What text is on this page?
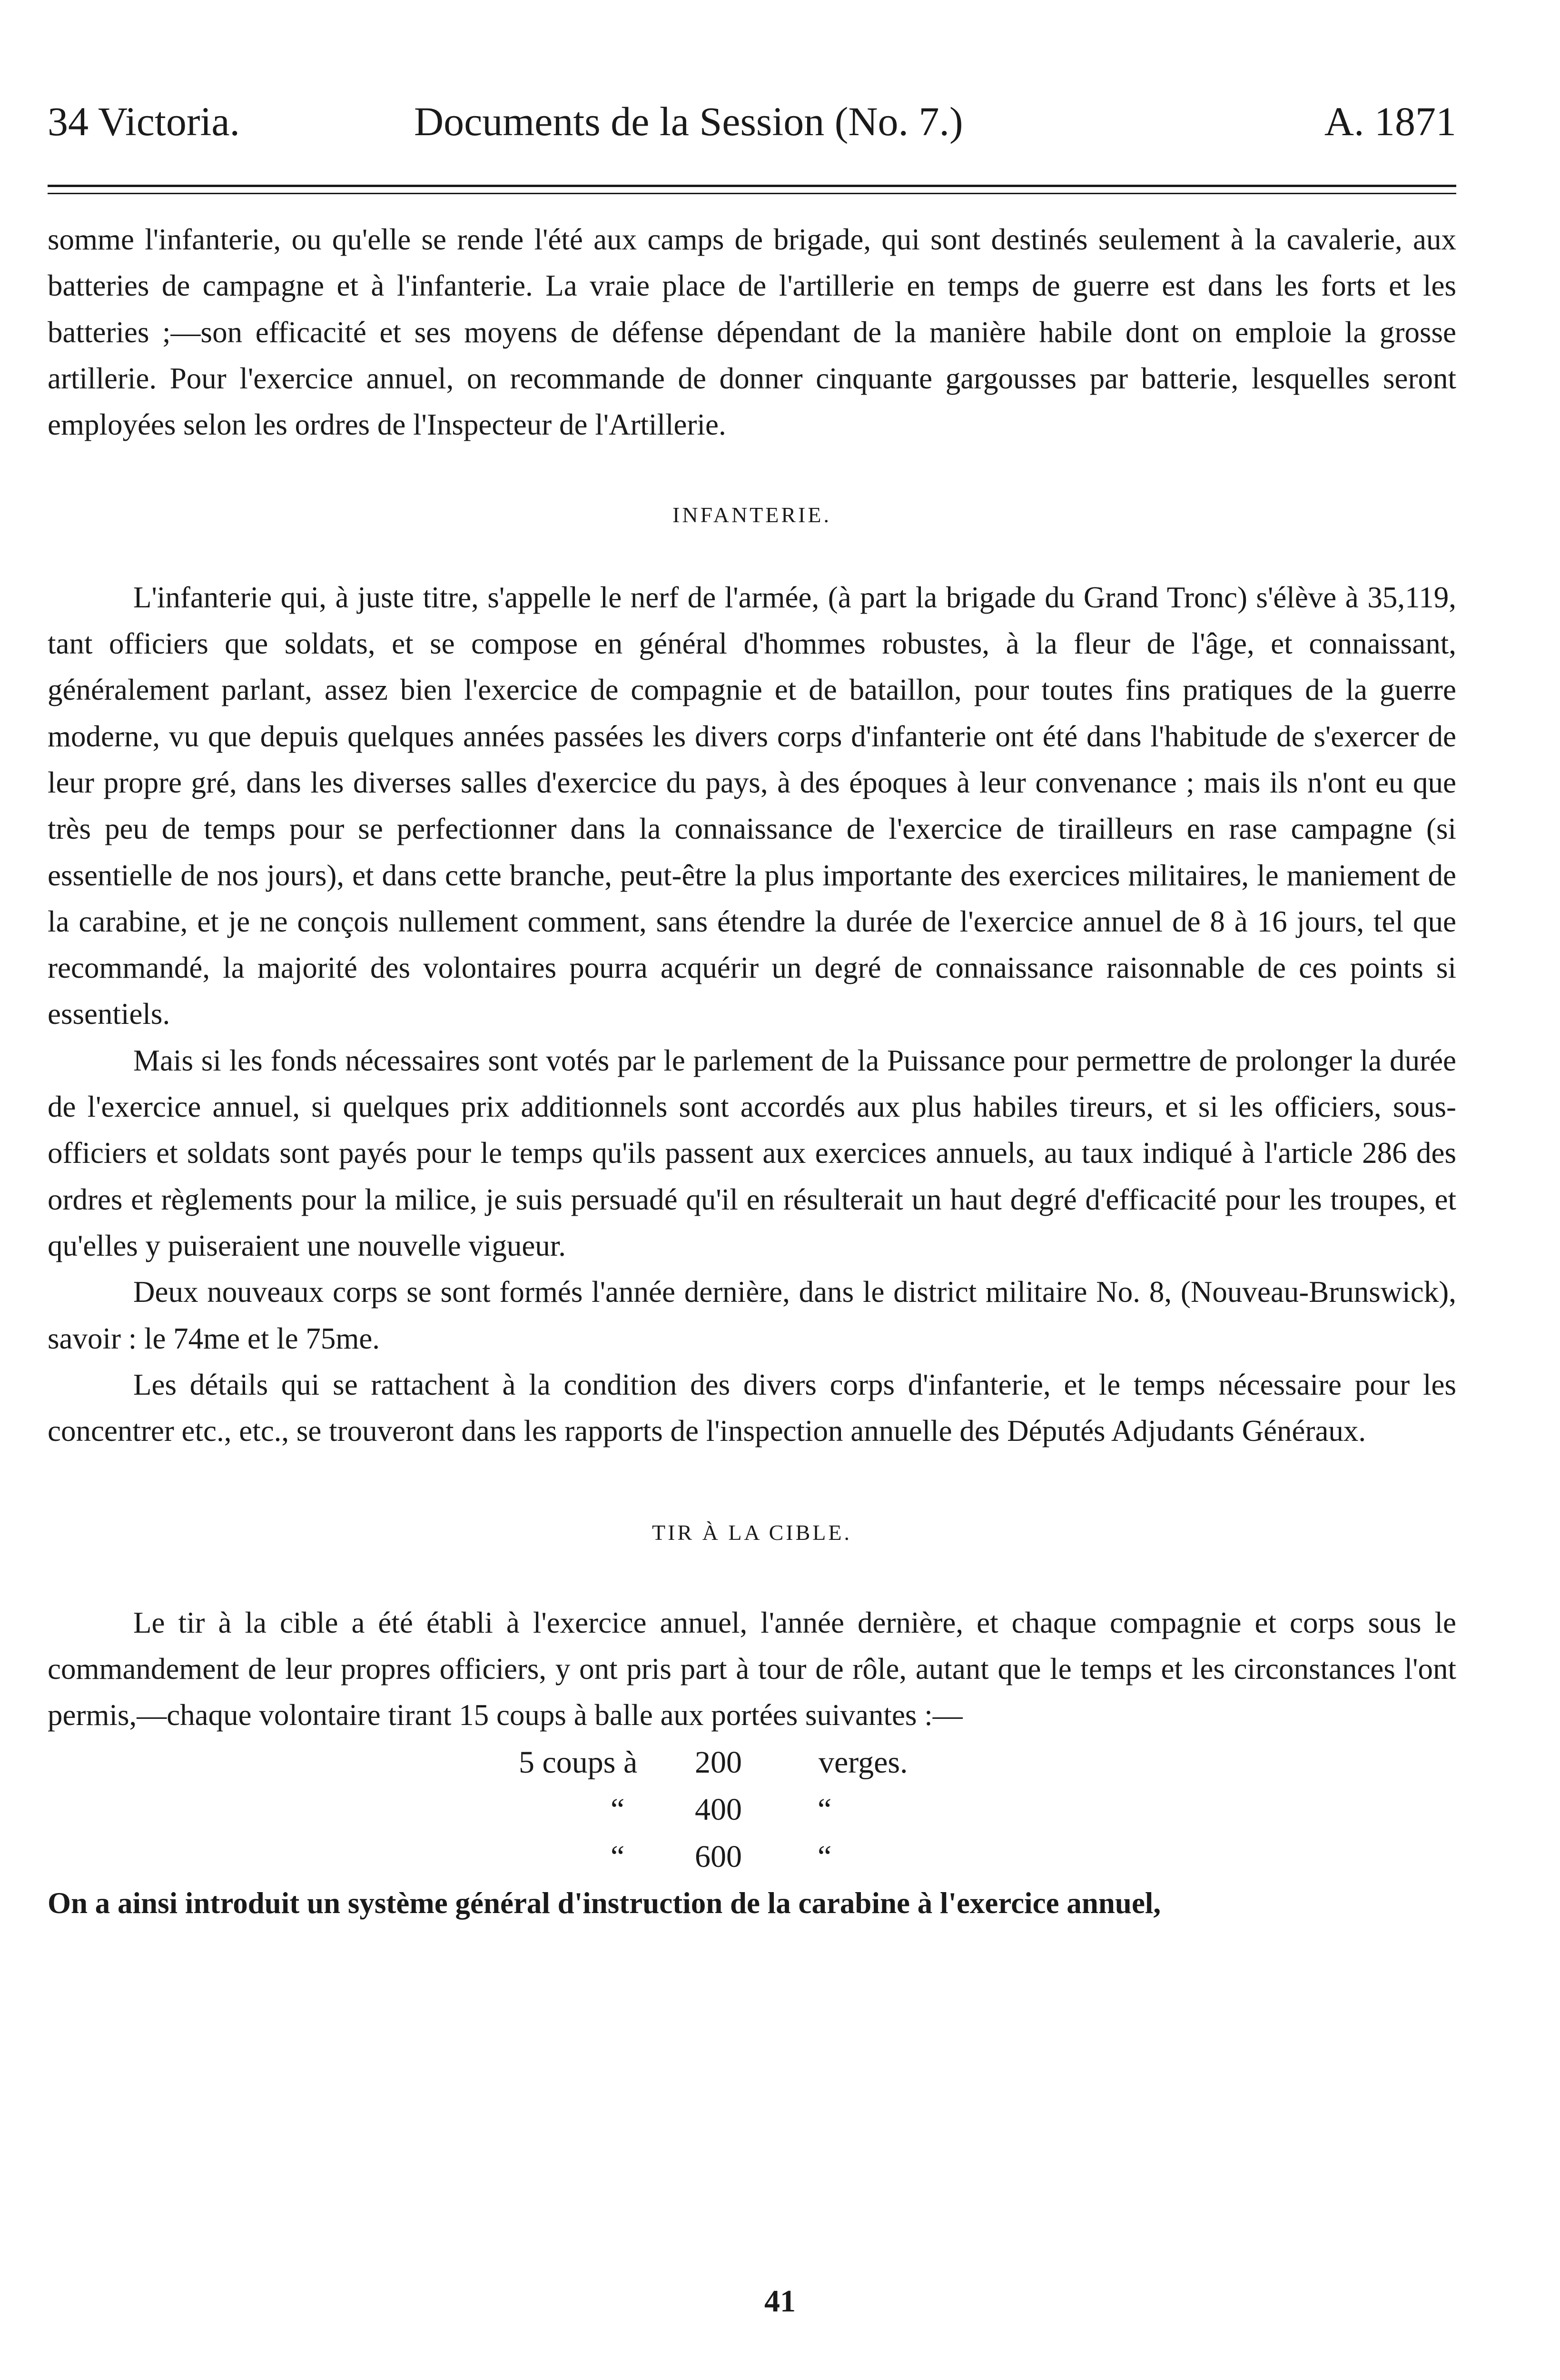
34 Victoria.	Documents de la Session (No. 7.)	A. 1871

somme l'infanterie, ou qu'elle se rende l'été aux camps de brigade, qui sont destinés seulement à la cavalerie, aux batteries de campagne et à l'infanterie. La vraie place de l'artillerie en temps de guerre est dans les forts et les batteries ;—son efficacité et ses moyens de défense dépendant de la manière habile dont on emploie la grosse artillerie. Pour l'exercice annuel, on recommande de donner cinquante gargousses par batterie, lesquelles seront employées selon les ordres de l'Inspecteur de l'Artillerie.

INFANTERIE.

L'infanterie qui, à juste titre, s'appelle le nerf de l'armée, (à part la brigade du Grand Tronc) s'élève à 35,119, tant officiers que soldats, et se compose en général d'hommes robustes, à la fleur de l'âge, et connaissant, généralement parlant, assez bien l'exercice de compagnie et de bataillon, pour toutes fins pratiques de la guerre moderne, vu que depuis quelques années passées les divers corps d'infanterie ont été dans l'habitude de s'exercer de leur propre gré, dans les diverses salles d'exercice du pays, à des époques à leur convenance ; mais ils n'ont eu que très peu de temps pour se perfectionner dans la connaissance de l'exercice de tirailleurs en rase campagne (si essentielle de nos jours), et dans cette branche, peut-être la plus importante des exercices militaires, le maniement de la carabine, et je ne conçois nullement comment, sans étendre la durée de l'exercice annuel de 8 à 16 jours, tel que recommandé, la majorité des volontaires pourra acquérir un degré de connaissance raisonnable de ces points si essentiels.

Mais si les fonds nécessaires sont votés par le parlement de la Puissance pour permettre de prolonger la durée de l'exercice annuel, si quelques prix additionnels sont accordés aux plus habiles tireurs, et si les officiers, sous-officiers et soldats sont payés pour le temps qu'ils passent aux exercices annuels, au taux indiqué à l'article 286 des ordres et règlements pour la milice, je suis persuadé qu'il en résulterait un haut degré d'efficacité pour les troupes, et qu'elles y puiseraient une nouvelle vigueur.

Deux nouveaux corps se sont formés l'année dernière, dans le district militaire No. 8, (Nouveau-Brunswick), savoir : le 74me et le 75me.

Les détails qui se rattachent à la condition des divers corps d'infanterie, et le temps nécessaire pour les concentrer etc., etc., se trouveront dans les rapports de l'inspection annuelle des Députés Adjudants Généraux.

TIR À LA CIBLE.

Le tir à la cible a été établi à l'exercice annuel, l'année dernière, et chaque compagnie et corps sous le commandement de leur propres officiers, y ont pris part à tour de rôle, autant que le temps et les circonstances l'ont permis,—chaque volontaire tirant 15 coups à balle aux portées suivantes :—

5 coups à 200 verges.
“ 400 “
“ 600 “

On a ainsi introduit un système général d'instruction de la carabine à l'exercice annuel,

41
